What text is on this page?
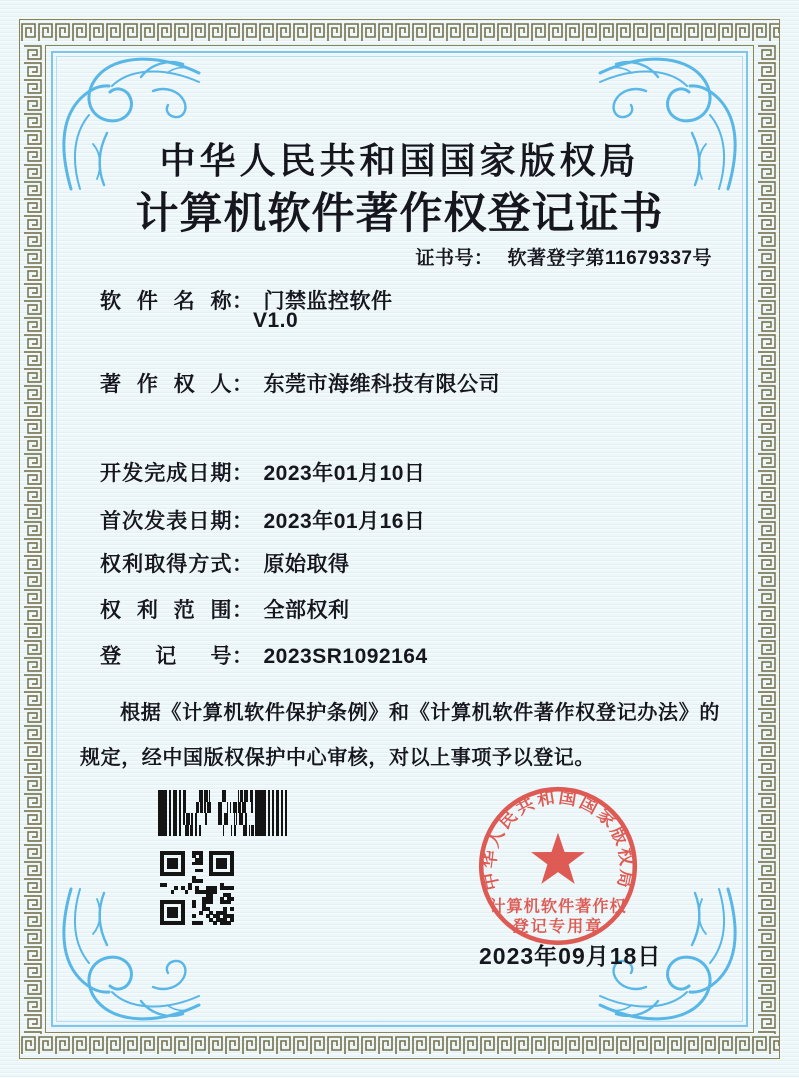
中华人民共和国国家版权局
计算机软件著作权登记证书
证书号： 软著登字第11679337号
软件名称： 门禁监控软件
V1.0
著作权人： 东莞市海维科技有限公司
开发完成日期： 2023年01月10日
首次发表日期： 2023年01月16日
权利取得方式： 原始取得
权利范围： 全部权利
登记号： 2023SR1092164
根据《计算机软件保护条例》和《计算机软件著作权登记办法》的规定，经中国版权保护中心审核，对以上事项予以登记。
中华人民共和国国家版权局
计算机软件著作权
登记专用章
2023年09月18日
